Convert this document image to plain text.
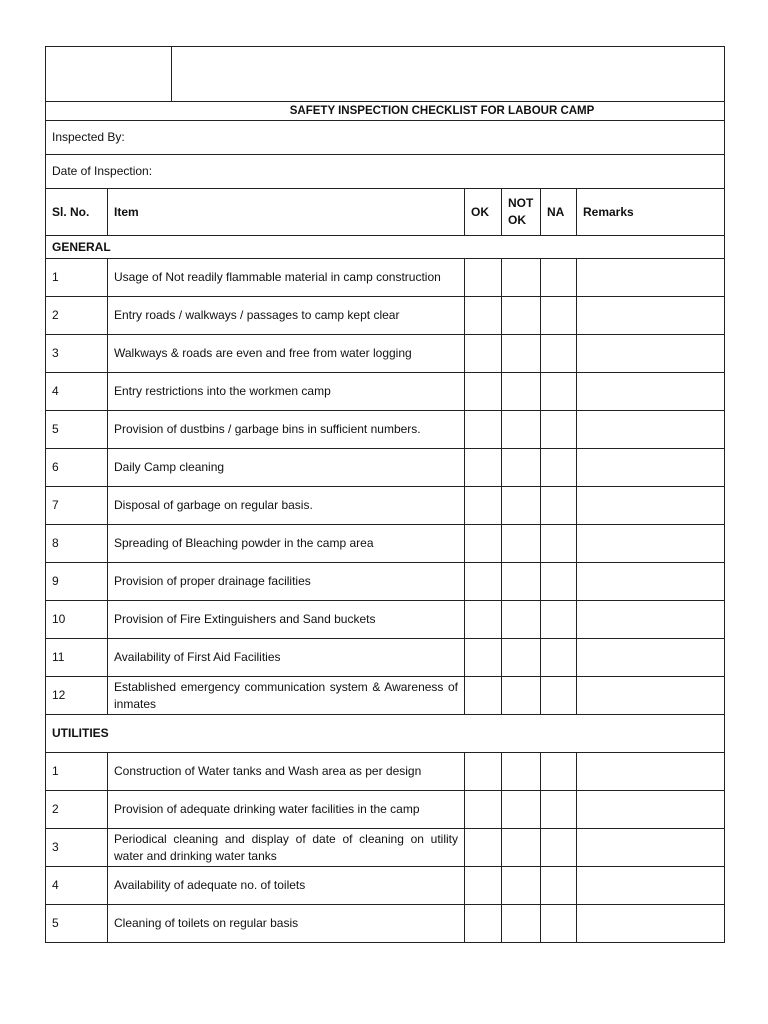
SAFETY INSPECTION CHECKLIST FOR LABOUR CAMP					
Inspected By:					
Date of Inspection:					
Sl. No.	Item	OK	NOT OK	NA	Remarks
GENERAL					
1	Usage of Not readily flammable material in camp construction				
2	Entry roads / walkways / passages to camp kept clear				
3	Walkways & roads are even and free from water logging				
4	Entry restrictions into the workmen camp				
5	Provision of dustbins / garbage bins in sufficient numbers.				
6	Daily Camp cleaning				
7	Disposal of garbage on regular basis.				
8	Spreading of Bleaching powder in the camp area				
9	Provision of proper drainage facilities				
10	Provision of Fire Extinguishers and Sand buckets				
11	Availability of First Aid Facilities				
12	Established emergency communication system & Awareness of inmates				
UTILITIES					
1	Construction of Water tanks and Wash area as per design				
2	Provision of adequate drinking water facilities in the camp				
3	Periodical cleaning and display of date of cleaning on utility water and drinking water tanks				
4	Availability of adequate no. of toilets				
5	Cleaning of toilets on regular basis				
